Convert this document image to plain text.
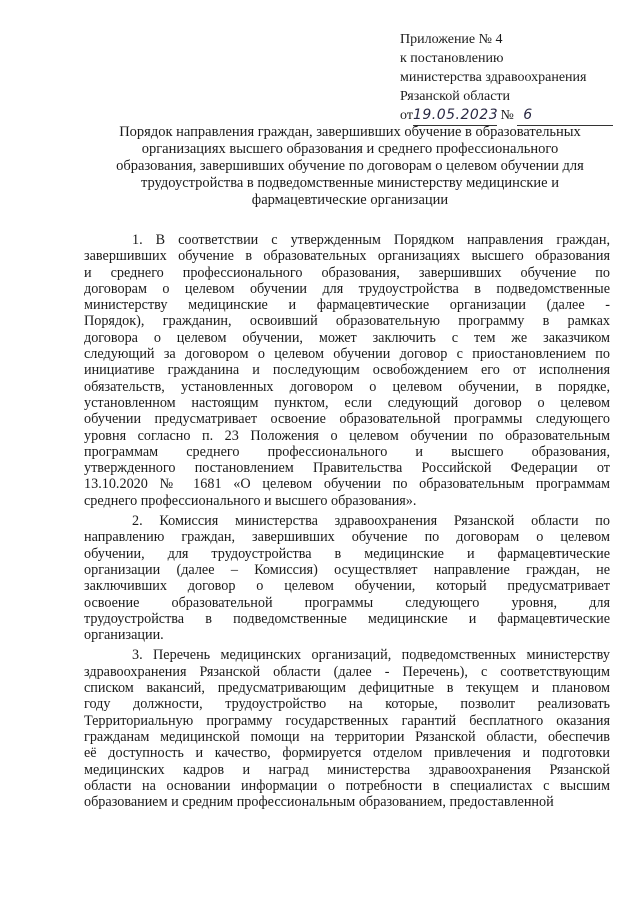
Приложение № 4
к постановлению
министерства здравоохранения
Рязанской области
от19.05.2023 № 6
Порядок направления граждан, завершивших обучение в образовательных
организациях высшего образования и среднего профессионального
образования, завершивших обучение по договорам о целевом обучении для
трудоустройства в подведомственные министерству медицинские и
фармацевтические организации
1. В соответствии с утвержденным Порядком направления граждан,
завершивших обучение в образовательных организациях высшего образования
и среднего профессионального образования, завершивших обучение по
договорам о целевом обучении для трудоустройства в подведомственные
министерству медицинские и фармацевтические организации (далее -
Порядок), гражданин, освоивший образовательную программу в рамках
договора о целевом обучении, может заключить с тем же заказчиком
следующий за договором о целевом обучении договор с приостановлением по
инициативе гражданина и последующим освобождением его от исполнения
обязательств, установленных договором о целевом обучении, в порядке,
установленном настоящим пунктом, если следующий договор о целевом
обучении предусматривает освоение образовательной программы следующего
уровня согласно п. 23 Положения о целевом обучении по образовательным
программам среднего профессионального и высшего образования,
утвержденного постановлением Правительства Российской Федерации от
13.10.2020 № 1681 «О целевом обучении по образовательным программам
среднего профессионального и высшего образования».
2. Комиссия министерства здравоохранения Рязанской области по
направлению граждан, завершивших обучение по договорам о целевом
обучении, для трудоустройства в медицинские и фармацевтические
организации (далее – Комиссия) осуществляет направление граждан, не
заключивших договор о целевом обучении, который предусматривает
освоение образовательной программы следующего уровня, для
трудоустройства в подведомственные медицинские и фармацевтические
организации.
3. Перечень медицинских организаций, подведомственных министерству
здравоохранения Рязанской области (далее - Перечень), с соответствующим
списком вакансий, предусматривающим дефицитные в текущем и плановом
году должности, трудоустройство на которые, позволит реализовать
Территориальную программу государственных гарантий бесплатного оказания
гражданам медицинской помощи на территории Рязанской области, обеспечив
её доступность и качество, формируется отделом привлечения и подготовки
медицинских кадров и наград министерства здравоохранения Рязанской
области на основании информации о потребности в специалистах с высшим
образованием и средним профессиональным образованием, предоставленной
